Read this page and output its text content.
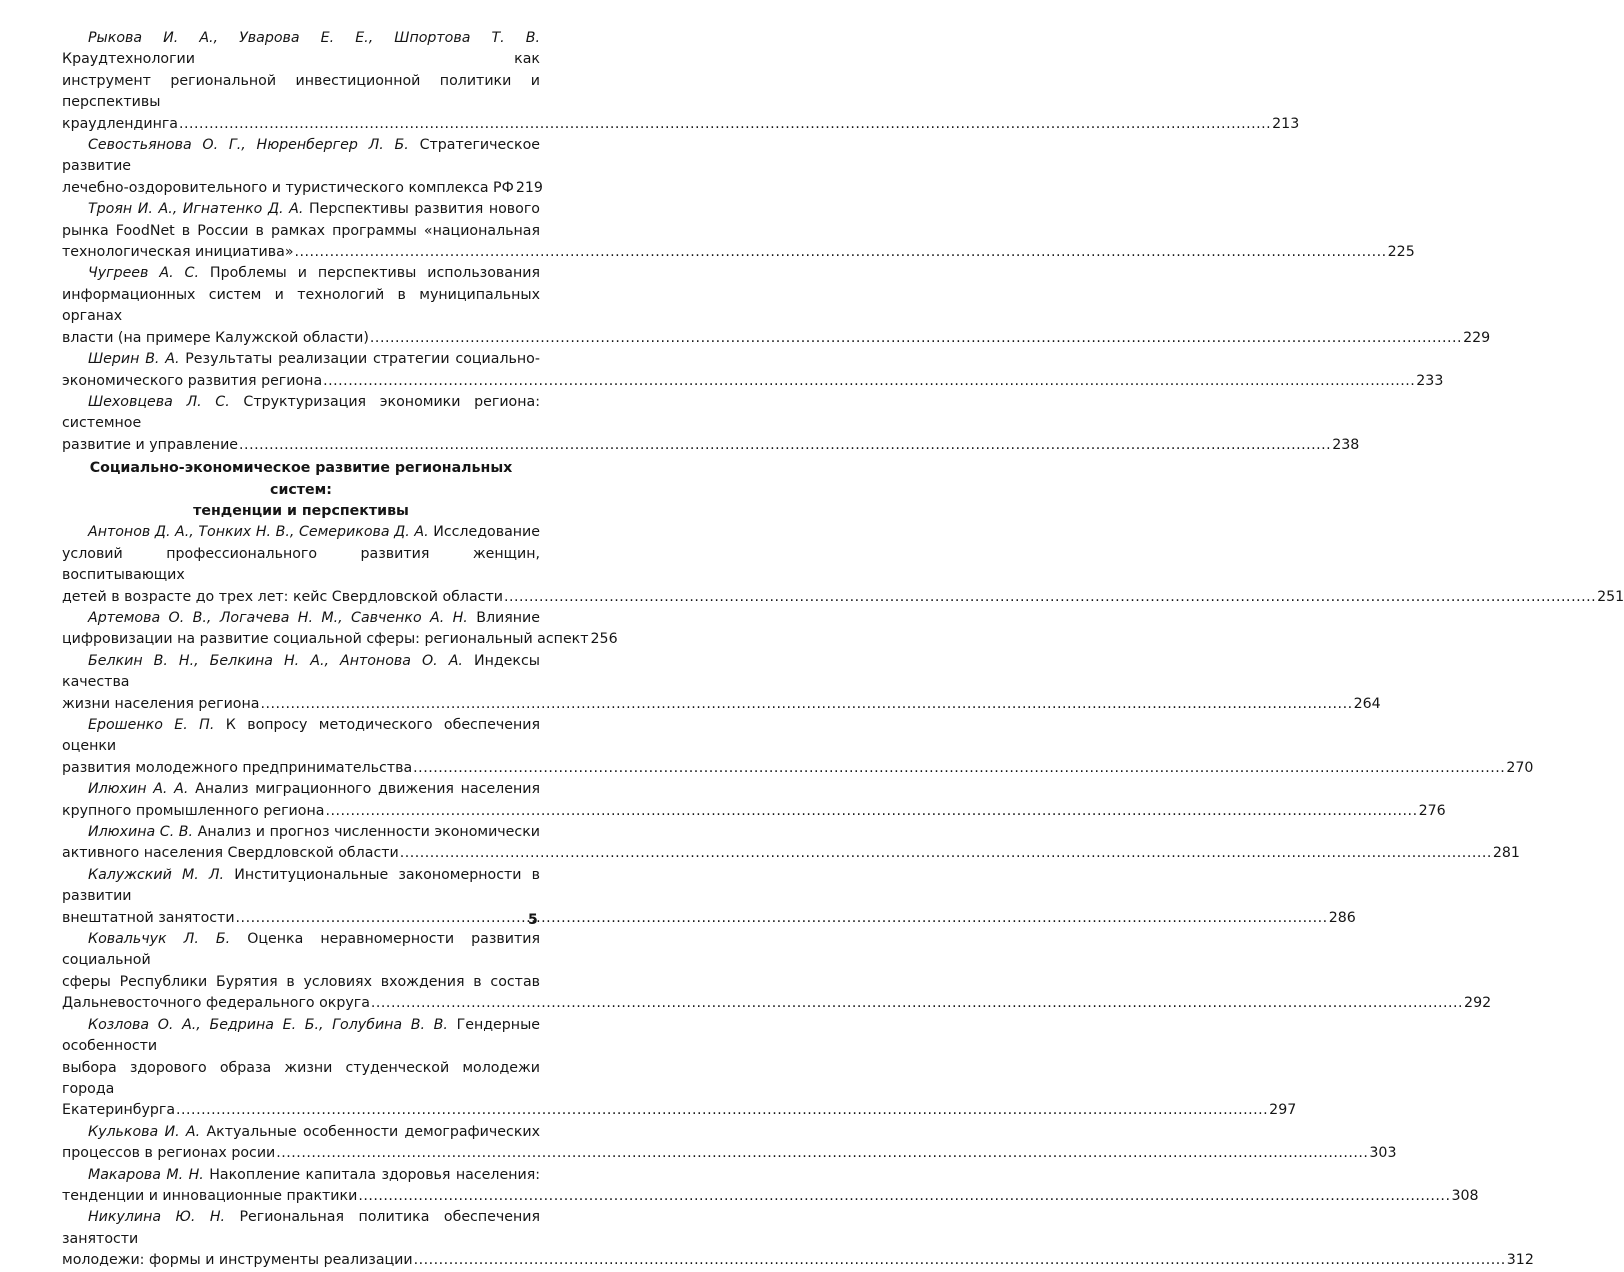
Рыкова И. А., Уварова Е. Е., Шпортова Т. В. Краудтехнологии как
инструмент региональной инвестиционной политики и перспективы
краудлендинга .....	213
Севостьянова О. Г., Нюренбергер Л. Б. Стратегическое развитие
лечебно-оздоровительного и туристического комплекса РФ 219
Троян И. А., Игнатенко Д. А. Перспективы развития нового
рынка FoodNet в России в рамках программы «национальная
технологическая инициатива» .....	225
Чугреев А. С. Проблемы и перспективы использования
информационных систем и технологий в муниципальных органах
власти (на примере Калужской области) .....	229
Шерин В. А. Результаты реализации стратегии социально-
экономического развития региона .....	233
Шеховцева Л. С. Структуризация экономики региона: системное
развитие и управление .....	238
Социально-экономическое развитие региональных систем:
тенденции и перспективы
Антонов Д. А., Тонких Н. В., Семерикова Д. А. Исследование
условий профессионального развития женщин, воспитывающих
детей в возрасте до трех лет: кейс Свердловской области .....	251
Артемова О. В., Логачева Н. М., Савченко А. Н. Влияние
цифровизации на развитие социальной сферы: региональный аспект 256
Белкин В. Н., Белкина Н. А., Антонова О. А. Индексы качества
жизни населения региона .....	264
Ерошенко Е. П. К вопросу методического обеспечения оценки
развития молодежного предпринимательства .....	270
Илюхин А. А. Анализ миграционного движения населения
крупного промышленного региона .....	276
Илюхина С. В. Анализ и прогноз численности экономически
активного населения Свердловской области .....	281
Калужский М. Л. Институциональные закономерности в развитии
внештатной занятости .....	286
Ковальчук Л. Б. Оценка неравномерности развития социальной
сферы Республики Бурятия в условиях вхождения в состав
Дальневосточного федерального округа .....	292
Козлова О. А., Бедрина Е. Б., Голубина В. В. Гендерные особенности
выбора здорового образа жизни студенческой молодежи города
Екатеринбурга .....	297
Кулькова И. А. Актуальные особенности демографических
процессов в регионах росии .....	303
Макарова М. Н. Накопление капитала здоровья населения:
тенденции и инновационные практики .....	308
Никулина Ю. Н. Региональная политика обеспечения занятости
молодежи: формы и инструменты реализации .....	312
5
